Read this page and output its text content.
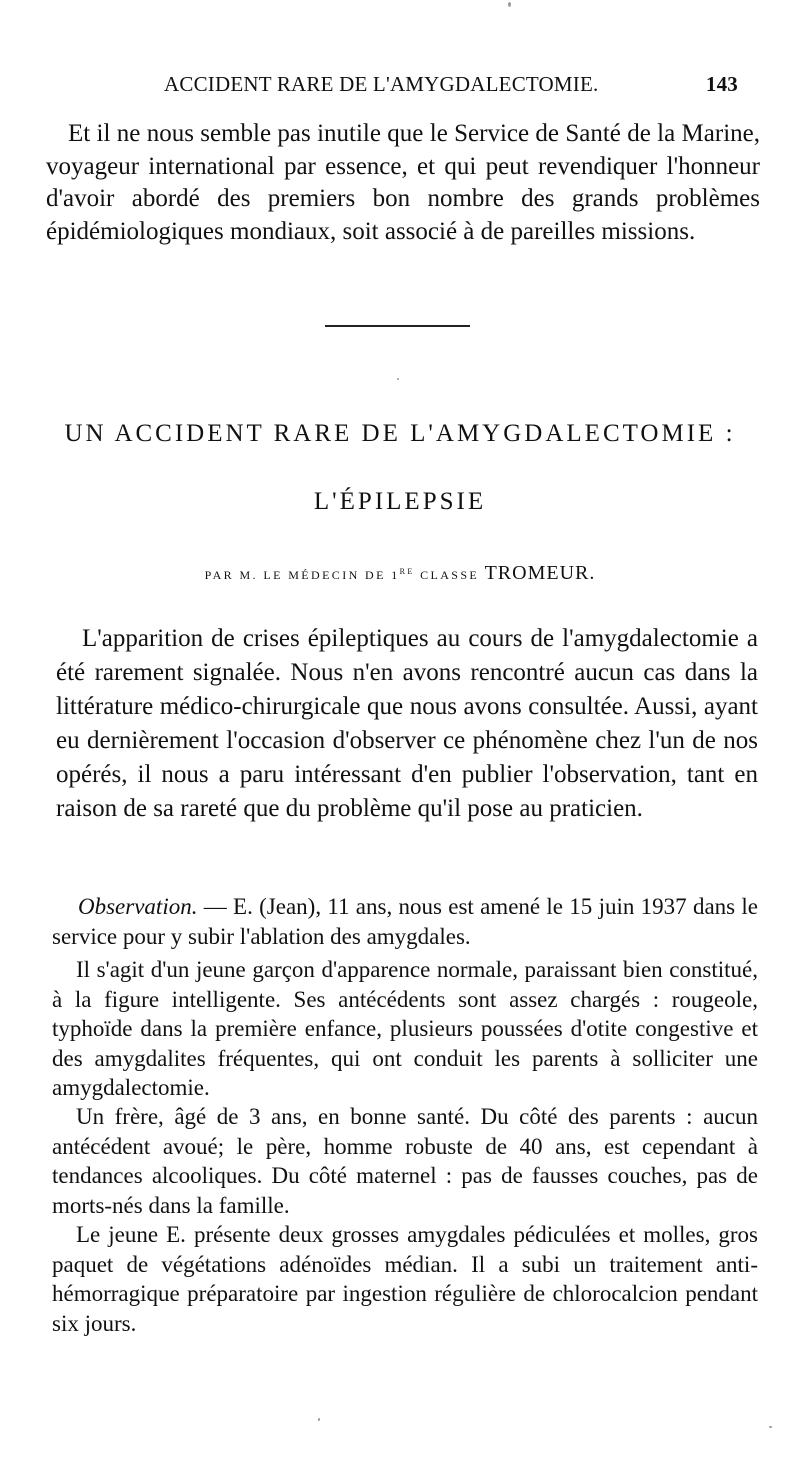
ACCIDENT RARE DE L'AMYGDALECTOMIE.	143

Et il ne nous semble pas inutile que le Service de Santé de la Marine, voyageur international par essence, et qui peut revendiquer l'honneur d'avoir abordé des premiers bon nombre des grands problèmes épidémiologiques mondiaux, soit associé à de pareilles missions.

UN ACCIDENT RARE DE L'AMYGDALECTOMIE :
L'ÉPILEPSIE
PAR M. LE MÉDECIN DE 1RE CLASSE TROMEUR.

L'apparition de crises épileptiques au cours de l'amygdalectomie a été rarement signalée. Nous n'en avons rencontré aucun cas dans la littérature médico-chirurgicale que nous avons consultée. Aussi, ayant eu dernièrement l'occasion d'observer ce phénomène chez l'un de nos opérés, il nous a paru intéressant d'en publier l'observation, tant en raison de sa rareté que du problème qu'il pose au praticien.

Observation. — E. (Jean), 11 ans, nous est amené le 15 juin 1937 dans le service pour y subir l'ablation des amygdales.

Il s'agit d'un jeune garçon d'apparence normale, paraissant bien constitué, à la figure intelligente. Ses antécédents sont assez chargés : rougeole, typhoïde dans la première enfance, plusieurs poussées d'otite congestive et des amygdalites fréquentes, qui ont conduit les parents à solliciter une amygdalectomie.

Un frère, âgé de 3 ans, en bonne santé. Du côté des parents : aucun antécédent avoué; le père, homme robuste de 40 ans, est cependant à tendances alcooliques. Du côté maternel : pas de fausses couches, pas de morts-nés dans la famille.

Le jeune E. présente deux grosses amygdales pédiculées et molles, gros paquet de végétations adénoïdes médian. Il a subi un traitement anti-hémorragique préparatoire par ingestion régulière de chlorocalcion pendant six jours.
